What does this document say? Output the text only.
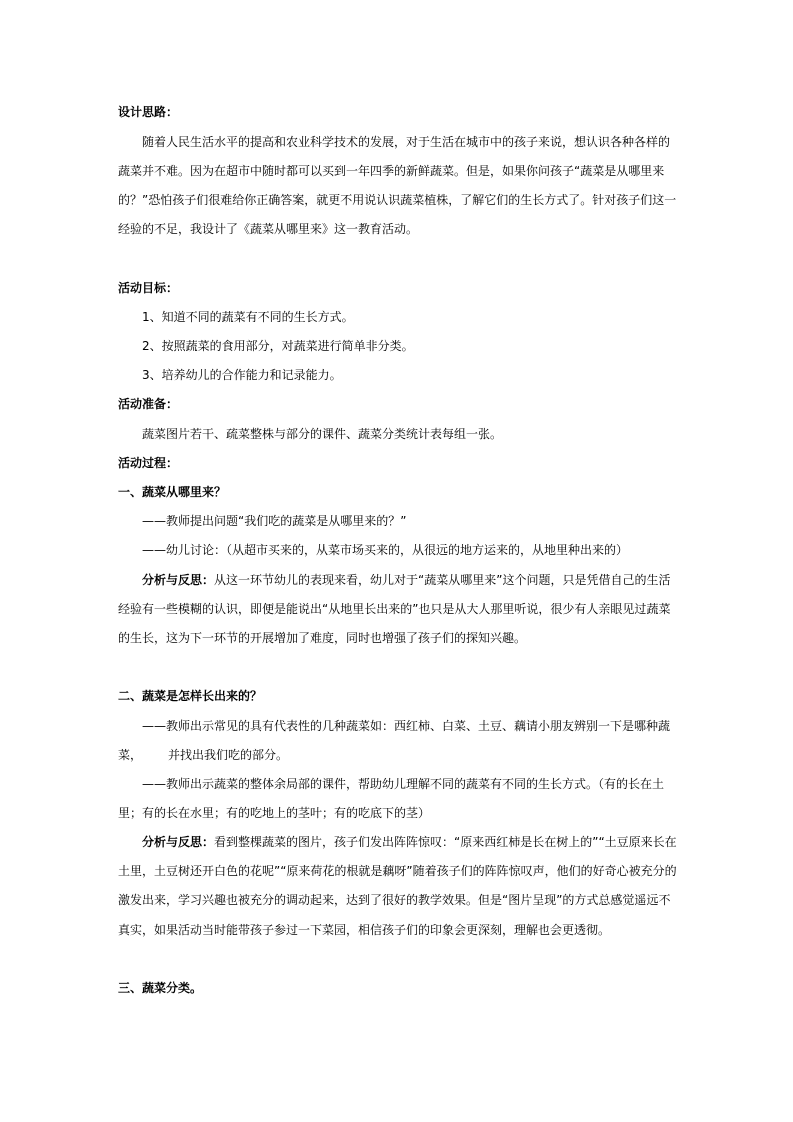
设计思路：
随着人民生活水平的提高和农业科学技术的发展，对于生活在城市中的孩子来说，想认识各种各样的
蔬菜并不难。因为在超市中随时都可以买到一年四季的新鲜蔬菜。但是，如果你问孩子“蔬菜是从哪里来
的？”恐怕孩子们很难给你正确答案，就更不用说认识蔬菜植株，了解它们的生长方式了。针对孩子们这一
经验的不足，我设计了《蔬菜从哪里来》这一教育活动。
活动目标：
1、知道不同的蔬菜有不同的生长方式。
2、按照蔬菜的食用部分，对蔬菜进行简单非分类。
3、培养幼儿的合作能力和记录能力。
活动准备：
蔬菜图片若干、疏菜整株与部分的课件、蔬菜分类统计表每组一张。
活动过程：
一、蔬菜从哪里来？
——教师提出问题“我们吃的蔬菜是从哪里来的？”
——幼儿讨论：（从超市买来的，从菜市场买来的，从很远的地方运来的，从地里种出来的）
分析与反思：从这一环节幼儿的表现来看，幼儿对于“蔬菜从哪里来”这个问题，只是凭借自己的生活
经验有一些模糊的认识，即便是能说出“从地里长出来的”也只是从大人那里听说，很少有人亲眼见过蔬菜
的生长，这为下一环节的开展增加了难度，同时也增强了孩子们的探知兴趣。
二、蔬菜是怎样长出来的？
——教师出示常见的具有代表性的几种蔬菜如：西红柿、白菜、土豆、藕请小朋友辨别一下是哪种蔬
菜， 并找出我们吃的部分。
——教师出示蔬菜的整体余局部的课件，帮助幼儿理解不同的蔬菜有不同的生长方式。（有的长在土
里；有的长在水里；有的吃地上的茎叶；有的吃底下的茎）
分析与反思：看到整棵蔬菜的图片，孩子们发出阵阵惊叹：“原来西红柿是长在树上的”“土豆原来长在
土里，土豆树还开白色的花呢”“原来荷花的根就是藕呀”随着孩子们的阵阵惊叹声，他们的好奇心被充分的
激发出来，学习兴趣也被充分的调动起来，达到了很好的教学效果。但是“图片呈现”的方式总感觉遥远不
真实，如果活动当时能带孩子参过一下菜园，相信孩子们的印象会更深刻，理解也会更透彻。
三、蔬菜分类。
